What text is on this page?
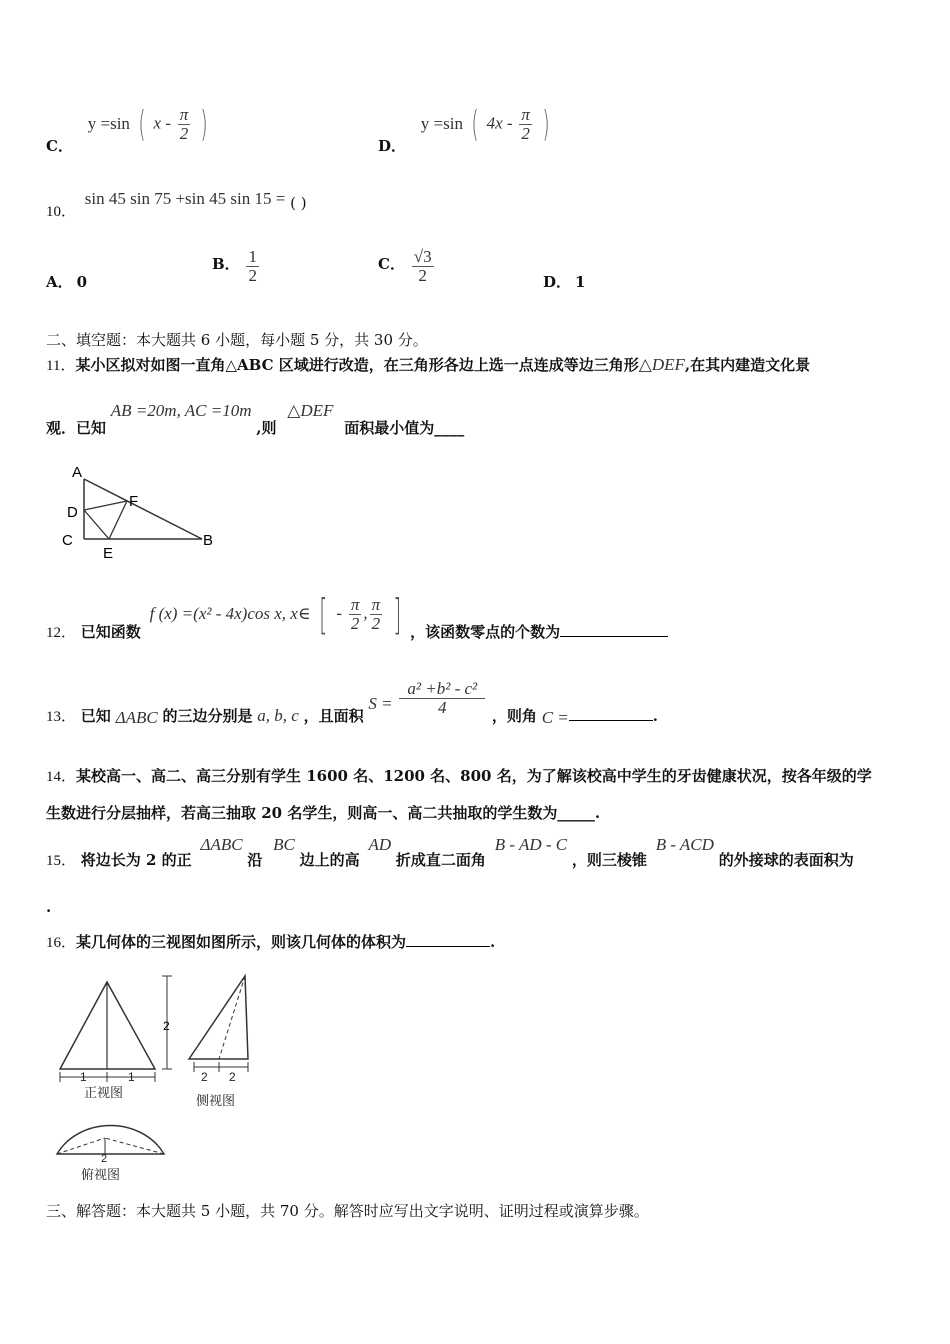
C． y =sin ( x - $\frac{\pi}{2}$ )
D． y =sin ( $4x - \frac{\pi}{2}$ )
10． sin 45 sin 75 +sin 45 sin 15 = ( )
A． 0
B． $\frac{1}{2}$	C． $\frac{√3}{2}$	D． 1
二、填空题：本大题共 6 小题，每小题 5 分，共 30 分。
11．某小区拟对如图一直角△ABC 区域进行改造，在三角形各边上选一点连成等边三角形△DEF,在其内建造文化景
观．已知 AB =20m, AC =10m ,则 △DEF 面积最小值为____
A
D
F
C
E
B
12． 已知函数 f (x) =(x² - 4x)cos x, x∈ [ - $\frac{\pi}{2}$ , $\frac{\pi}{2}$ ] ，该函数零点的个数为
13． 已知 ΔABC 的三边分别是 a, b, c ，且面积 $S = \frac{\text{a² +b² - c²}}{4}$ ，则角 C =	.
14．某校高一、高二、高三分别有学生 1600 名、1200 名、800 名，为了解该校高中学生的牙齿健康状况，按各年级的学
生数进行分层抽样，若高三抽取 20 名学生，则高一、高二共抽取的学生数为_____.
15． 将边长为 2 的正 ΔABC 沿 BC 边上的高 AD 折成直二面角 B - AD - C ，则三棱锥 B - ACD 的外接球的表面积为
.
16．某几何体的三视图如图所示，则该几何体的体积为	.
2
1	1
正视图
2 2
侧视图
2
俯视图
三、解答题：本大题共 5 小题，共 70 分。解答时应写出文字说明、证明过程或演算步骤。
